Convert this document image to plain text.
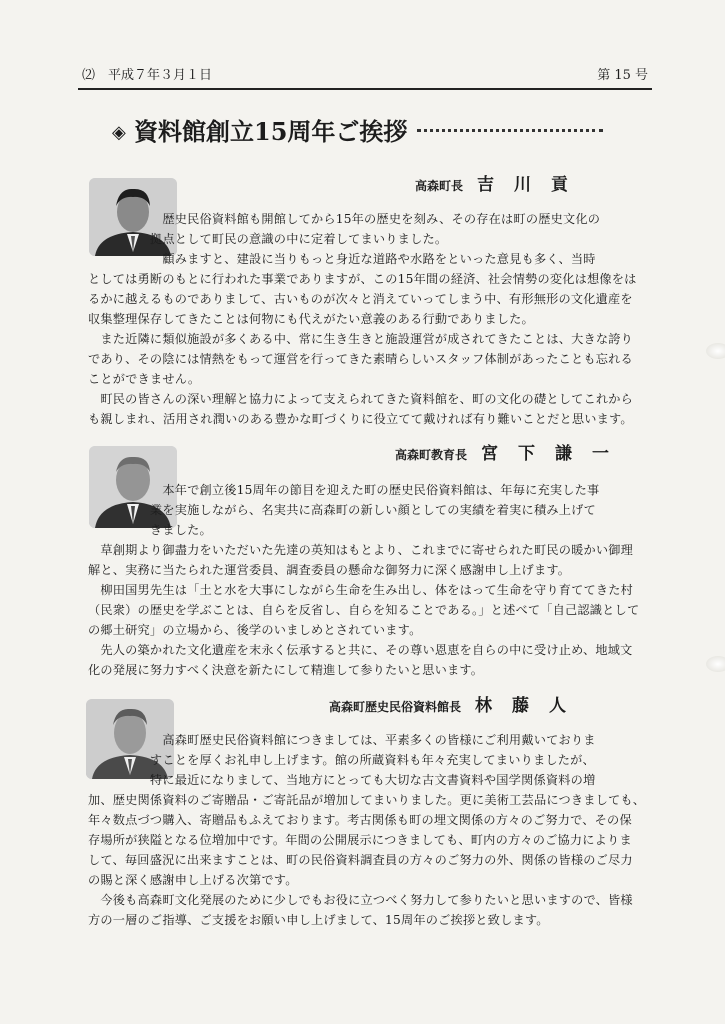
⑵　平成７年３月１日	第 15 号
◈ 資料館創立15周年ご挨拶
高森町長 吉川貢
　　　　　　歴史民俗資料館も開館してから15年の歴史を刻み、その存在は町の歴史文化の
　　　　　拠点として町民の意識の中に定着してまいりました。
　　　　　　顧みますと、建設に当りもっと身近な道路や水路をといった意見も多く、当時
としては勇断のもとに行われた事業でありますが、この15年間の経済、社会情勢の変化は想像をは
るかに越えるものでありまして、古いものが次々と消えていってしまう中、有形無形の文化遺産を
収集整理保存してきたことは何物にも代えがたい意義のある行動でありました。
　また近隣に類似施設が多くある中、常に生き生きと施設運営が成されてきたことは、大きな誇り
であり、その陰には情熱をもって運営を行ってきた素晴らしいスタッフ体制があったことも忘れる
ことができません。
　町民の皆さんの深い理解と協力によって支えられてきた資料館を、町の文化の礎としてこれから
も親しまれ、活用され潤いのある豊かな町づくりに役立てて戴ければ有り難いことだと思います。
高森町教育長 宮下謙一
　　　　　　本年で創立後15周年の節目を迎えた町の歴史民俗資料館は、年毎に充実した事
　　　　　業を実施しながら、名実共に高森町の新しい顔としての実績を着実に積み上げて
　　　　　きました。
　草創期より御盡力をいただいた先達の英知はもとより、これまでに寄せられた町民の暖かい御理
解と、実務に当たられた運営委員、調査委員の懸命な御努力に深く感謝申し上げます。
　柳田国男先生は「土と水を大事にしながら生命を生み出し、体をはって生命を守り育ててきた村
（民衆）の歴史を学ぶことは、自らを反省し、自らを知ることである。」と述べて「自己認識として
の郷土研究」の立場から、後学のいましめとされています。
　先人の築かれた文化遺産を末永く伝承すると共に、その尊い恩恵を自らの中に受け止め、地域文
化の発展に努力すべく決意を新たにして精進して参りたいと思います。
高森町歴史民俗資料館長 林藤人
　　　　　　高森町歴史民俗資料館につきましては、平素多くの皆様にご利用戴いておりま
　　　　　すことを厚くお礼申し上げます。館の所蔵資料も年々充実してまいりましたが、
　　　　　特に最近になりまして、当地方にとっても大切な古文書資料や国学関係資料の増
加、歴史関係資料のご寄贈品・ご寄託品が増加してまいりました。更に美術工芸品につきましても、
年々数点づつ購入、寄贈品もふえております。考古関係も町の埋文関係の方々のご努力で、その保
存場所が狭隘となる位増加中です。年間の公開展示につきましても、町内の方々のご協力によりま
して、毎回盛況に出来ますことは、町の民俗資料調査員の方々のご努力の外、関係の皆様のご尽力
の賜と深く感謝申し上げる次第です。
　今後も高森町文化発展のために少しでもお役に立つべく努力して参りたいと思いますので、皆様
方の一層のご指導、ご支援をお願い申し上げまして、15周年のご挨拶と致します。
